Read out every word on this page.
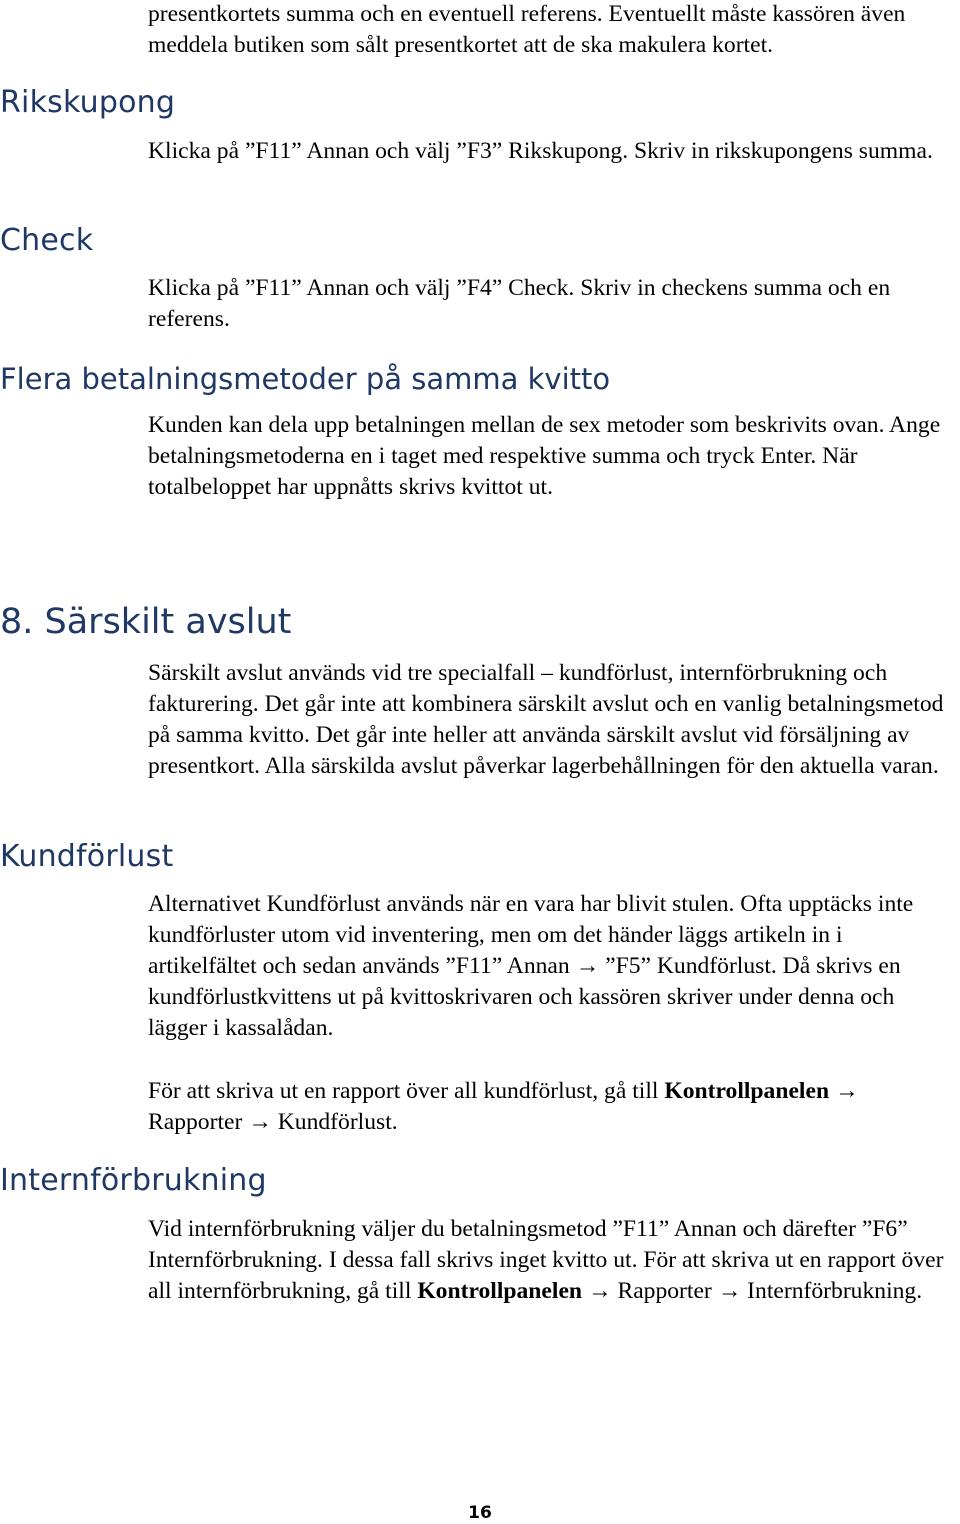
presentkortets summa och en eventuell referens. Eventuellt måste kassören även meddela butiken som sålt presentkortet att de ska makulera kortet.

Rikskupong

Klicka på ”F11” Annan och välj ”F3” Rikskupong. Skriv in rikskupongens summa.

Check

Klicka på ”F11” Annan och välj ”F4” Check. Skriv in checkens summa och en referens.

Flera betalningsmetoder på samma kvitto

Kunden kan dela upp betalningen mellan de sex metoder som beskrivits ovan. Ange betalningsmetoderna en i taget med respektive summa och tryck Enter. När totalbeloppet har uppnåtts skrivs kvittot ut.

8. Särskilt avslut

Särskilt avslut används vid tre specialfall – kundförlust, internförbrukning och fakturering. Det går inte att kombinera särskilt avslut och en vanlig betalningsmetod på samma kvitto. Det går inte heller att använda särskilt avslut vid försäljning av presentkort. Alla särskilda avslut påverkar lagerbehållningen för den aktuella varan.

Kundförlust

Alternativet Kundförlust används när en vara har blivit stulen. Ofta upptäcks inte kundförluster utom vid inventering, men om det händer läggs artikeln in i artikelfältet och sedan används ”F11” Annan → ”F5” Kundförlust. Då skrivs en kundförlustkvittens ut på kvittoskrivaren och kassören skriver under denna och lägger i kassalådan.

För att skriva ut en rapport över all kundförlust, gå till Kontrollpanelen → Rapporter → Kundförlust.

Internförbrukning

Vid internförbrukning väljer du betalningsmetod ”F11” Annan och därefter ”F6” Internförbrukning. I dessa fall skrivs inget kvitto ut. För att skriva ut en rapport över all internförbrukning, gå till Kontrollpanelen → Rapporter → Internförbrukning.

16
